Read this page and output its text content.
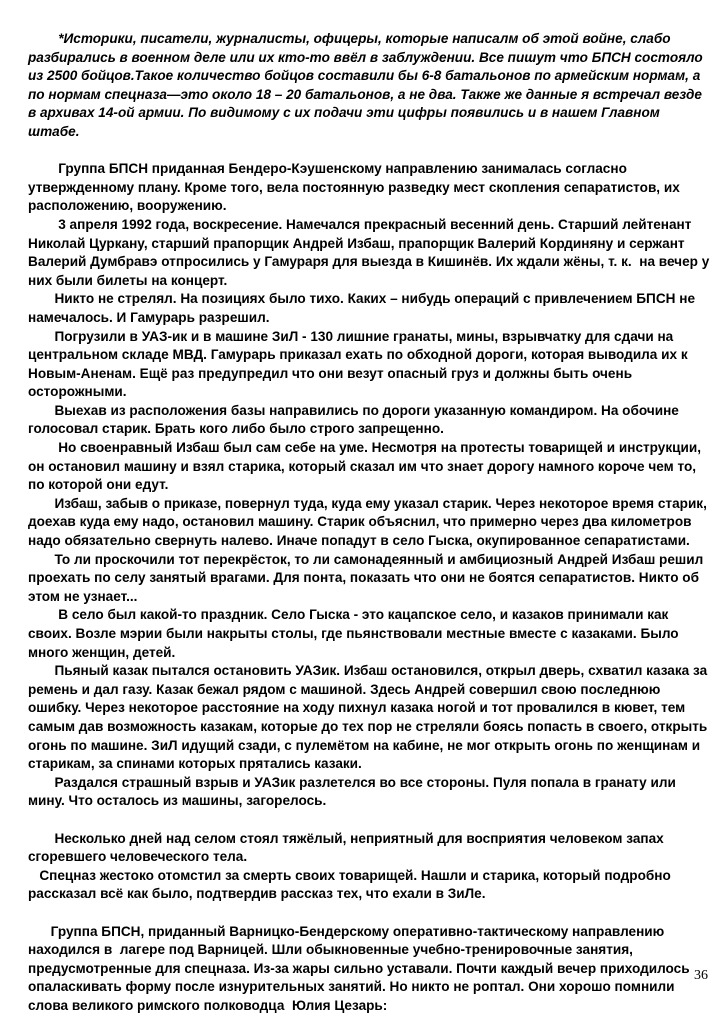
*Историки, писатели, журналисты, офицеры, которые написалм об этой войне, слабо разбирались в военном деле или их кто-то ввёл в заблуждении. Все пишут что БПСН состояло из 2500 бойцов.Такое количество бойцов составили бы 6-8 батальонов по армейским нормам, а по нормам спецназа—это около 18 – 20 батальонов, а не два. Также же данные я встречал везде в архивах 14-ой армии. По видимому с их подачи эти цифры появились и в нашем Главном штабе.

Группа БПСН приданная Бендеро-Кэушенскому направлению занималась согласно утвержденному плану. Кроме того, вела постоянную разведку мест скопления сепаратистов, их расположению, вооружению.

3 апреля 1992 года, воскресение. Намечался прекрасный весенний день. Старший лейтенант Николай Цуркану, старший прапорщик Андрей Избаш, прапорщик Валерий Кординяну и сержант Валерий Думбравэ отпросились у Гамураря для выезда в Кишинёв. Их ждали жёны, т. к.  на вечер у них были билеты на концерт.

Никто не стрелял. На позициях было тихо. Каких – нибудь операций с привлечением БПСН не намечалось. И Гамурарь разрешил.

Погрузили в УАЗ-ик и в машине ЗиЛ - 130 лишние гранаты, мины, взрывчатку для сдачи на центральном складе МВД. Гамурарь приказал ехать по обходной дороги, которая выводила их к Новым-Аненам. Ещё раз предупредил что они везут опасный груз и должны быть очень осторожными.

Выехав из расположения базы направились по дороги указанную командиром. На обочине голосовал старик. Брать кого либо было строго запрещенно.

Но своенравный Избаш был сам себе на уме. Несмотря на протесты товарищей и инструкции, он остановил машину и взял старика, который сказал им что знает дорогу намного короче чем то, по которой они едут.

Избаш, забыв о приказе, повернул туда, куда ему указал старик. Через некоторое время старик, доехав куда ему надо, остановил машину. Старик объяснил, что примерно через два километров надо обязательно свернуть налево. Иначе попадут в село Гыска, окупированное сепаратистами.

То ли проскочили тот перекрёсток, то ли самонадеянный и амбициозный Андрей Избаш решил проехать по селу занятый врагами. Для понта, показать что они не боятся сепаратистов. Никто об этом не узнает...

В село был какой-то праздник. Село Гыска - это кацапское село, и казаков принимали как своих. Возле мэрии были накрыты столы, где пьянствовали местные вместе с казаками. Было много женщин, детей.

Пьяный казак пытался остановить УАЗик. Избаш остановился, открыл дверь, схватил казака за ремень и дал газу. Казак бежал рядом с машиной. Здесь Андрей совершил свою последнюю ошибку. Через некоторое расстояние на ходу пихнул казака ногой и тот провалился в кювет, тем самым дав возможность казакам, которые до тех пор не стреляли боясь попасть в своего, открыть огонь по машине. ЗиЛ идущий сзади, с пулемётом на кабине, не мог открыть огонь по женщинам и старикам, за спинами которых прятались казаки.

Раздался страшный взрыв и УАЗик разлетелся во все стороны. Пуля попала в гранату или мину. Что осталось из машины, загорелось.

Несколько дней над селом стоял тяжёлый, неприятный для восприятия человеком запах сгоревшего человеческого тела.

Спецназ жестоко отомстил за смерть своих товарищей. Нашли и старика, который подробно рассказал всё как было, подтвердив рассказ тех, что ехали в ЗиЛе.

Группа БПСН, приданный Варницко-Бендерскому оперативно-тактическому направлению находился в  лагере под Варницей. Шли обыкновенные учебно-тренировочные занятия, предусмотренные для спецназа. Из-за жары сильно уставали. Почти каждый вечер приходилось опаласкивать форму после изнурительных занятий. Но никто не роптал. Они хорошо помнили слова великого римского полководца  Юлия Цезарь:

36
